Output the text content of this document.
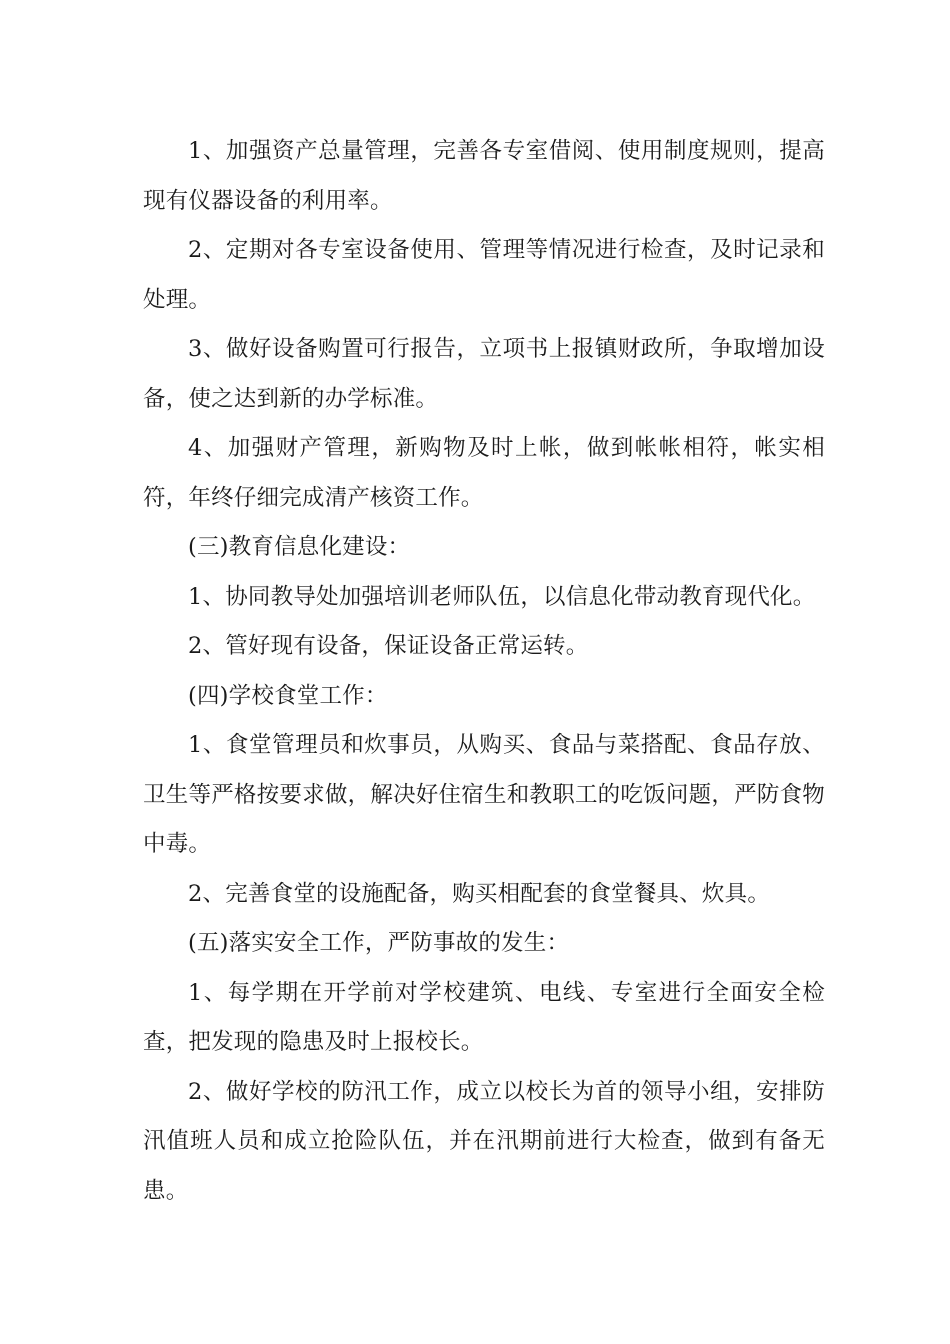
1、加强资产总量管理，完善各专室借阅、使用制度规则，提高现有仪器设备的利用率。

2、定期对各专室设备使用、管理等情况进行检查，及时记录和处理。

3、做好设备购置可行报告，立项书上报镇财政所，争取增加设备，使之达到新的办学标准。

4、加强财产管理，新购物及时上帐，做到帐帐相符，帐实相符，年终仔细完成清产核资工作。

(三)教育信息化建设：

1、协同教导处加强培训老师队伍，以信息化带动教育现代化。

2、管好现有设备，保证设备正常运转。

(四)学校食堂工作：

1、食堂管理员和炊事员，从购买、食品与菜搭配、食品存放、卫生等严格按要求做，解决好住宿生和教职工的吃饭问题，严防食物中毒。

2、完善食堂的设施配备，购买相配套的食堂餐具、炊具。

(五)落实安全工作，严防事故的发生：

1、每学期在开学前对学校建筑、电线、专室进行全面安全检查，把发现的隐患及时上报校长。

2、做好学校的防汛工作，成立以校长为首的领导小组，安排防汛值班人员和成立抢险队伍，并在汛期前进行大检查，做到有备无患。
